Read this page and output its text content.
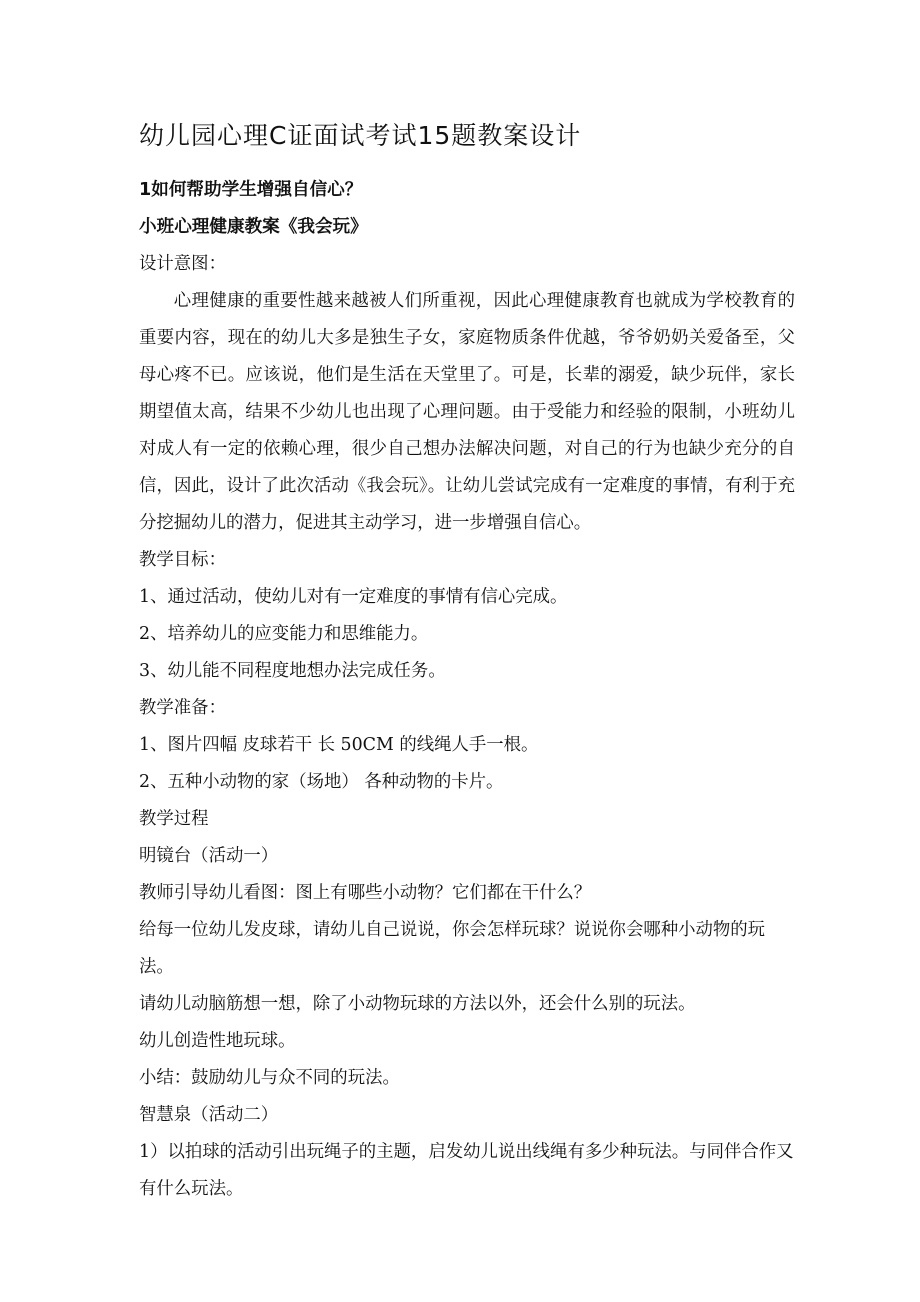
幼儿园心理C证面试考试15题教案设计

1如何帮助学生增强自信心？

小班心理健康教案《我会玩》

设计意图：

心理健康的重要性越来越被人们所重视，因此心理健康教育也就成为学校教育的重要内容，现在的幼儿大多是独生子女，家庭物质条件优越，爷爷奶奶关爱备至，父母心疼不已。应该说，他们是生活在天堂里了。可是，长辈的溺爱，缺少玩伴，家长期望值太高，结果不少幼儿也出现了心理问题。由于受能力和经验的限制，小班幼儿对成人有一定的依赖心理，很少自己想办法解决问题，对自己的行为也缺少充分的自信，因此，设计了此次活动《我会玩》。让幼儿尝试完成有一定难度的事情，有利于充分挖掘幼儿的潜力，促进其主动学习，进一步增强自信心。

教学目标：

1、通过活动，使幼儿对有一定难度的事情有信心完成。

2、培养幼儿的应变能力和思维能力。

3、幼儿能不同程度地想办法完成任务。

教学准备：

1、图片四幅 皮球若干 长 50CM 的线绳人手一根。

2、五种小动物的家（场地） 各种动物的卡片。

教学过程

明镜台（活动一）

教师引导幼儿看图：图上有哪些小动物？它们都在干什么？

给每一位幼儿发皮球，请幼儿自己说说，你会怎样玩球？说说你会哪种小动物的玩法。

请幼儿动脑筋想一想，除了小动物玩球的方法以外，还会什么别的玩法。

幼儿创造性地玩球。

小结：鼓励幼儿与众不同的玩法。

智慧泉（活动二）

1）以拍球的活动引出玩绳子的主题，启发幼儿说出线绳有多少种玩法。与同伴合作又有什么玩法。
